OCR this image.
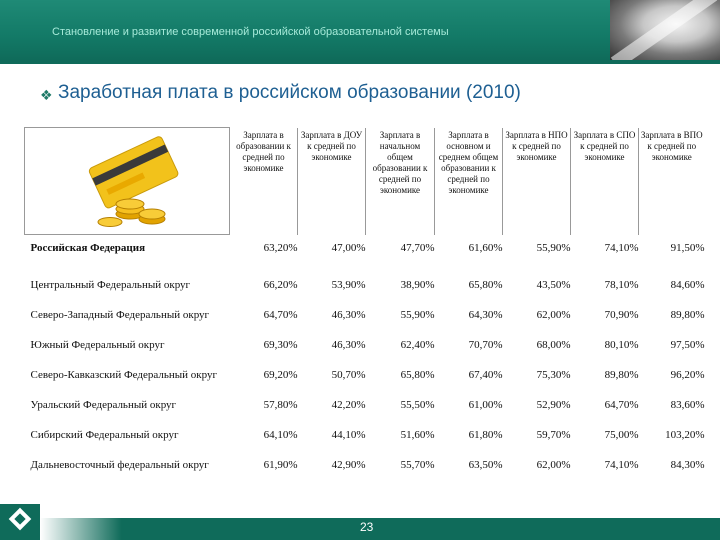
Становление и развитие современной российской образовательной системы
❖ Заработная плата в российском образовании (2010)
	Зарплата в образовании к средней по экономике	Зарплата в ДОУ к средней по экономике	Зарплата в начальном общем образовании к средней по экономике	Зарплата в основном и среднем общем образовании к средней по экономике	Зарплата в НПО к средней по экономике	Зарплата в СПО к средней по экономике	Зарплата в ВПО к средней по экономике
Российская Федерация	63,20%	47,00%	47,70%	61,60%	55,90%	74,10%	91,50%
Центральный Федеральный округ	66,20%	53,90%	38,90%	65,80%	43,50%	78,10%	84,60%
Северо-Западный Федеральный округ	64,70%	46,30%	55,90%	64,30%	62,00%	70,90%	89,80%
Южный Федеральный округ	69,30%	46,30%	62,40%	70,70%	68,00%	80,10%	97,50%
Северо-Кавказский Федеральный округ	69,20%	50,70%	65,80%	67,40%	75,30%	89,80%	96,20%
Уральский Федеральный округ	57,80%	42,20%	55,50%	61,00%	52,90%	64,70%	83,60%
Сибирский Федеральный округ	64,10%	44,10%	51,60%	61,80%	59,70%	75,00%	103,20%
Дальневосточный федеральный округ	61,90%	42,90%	55,70%	63,50%	62,00%	74,10%	84,30%
23
